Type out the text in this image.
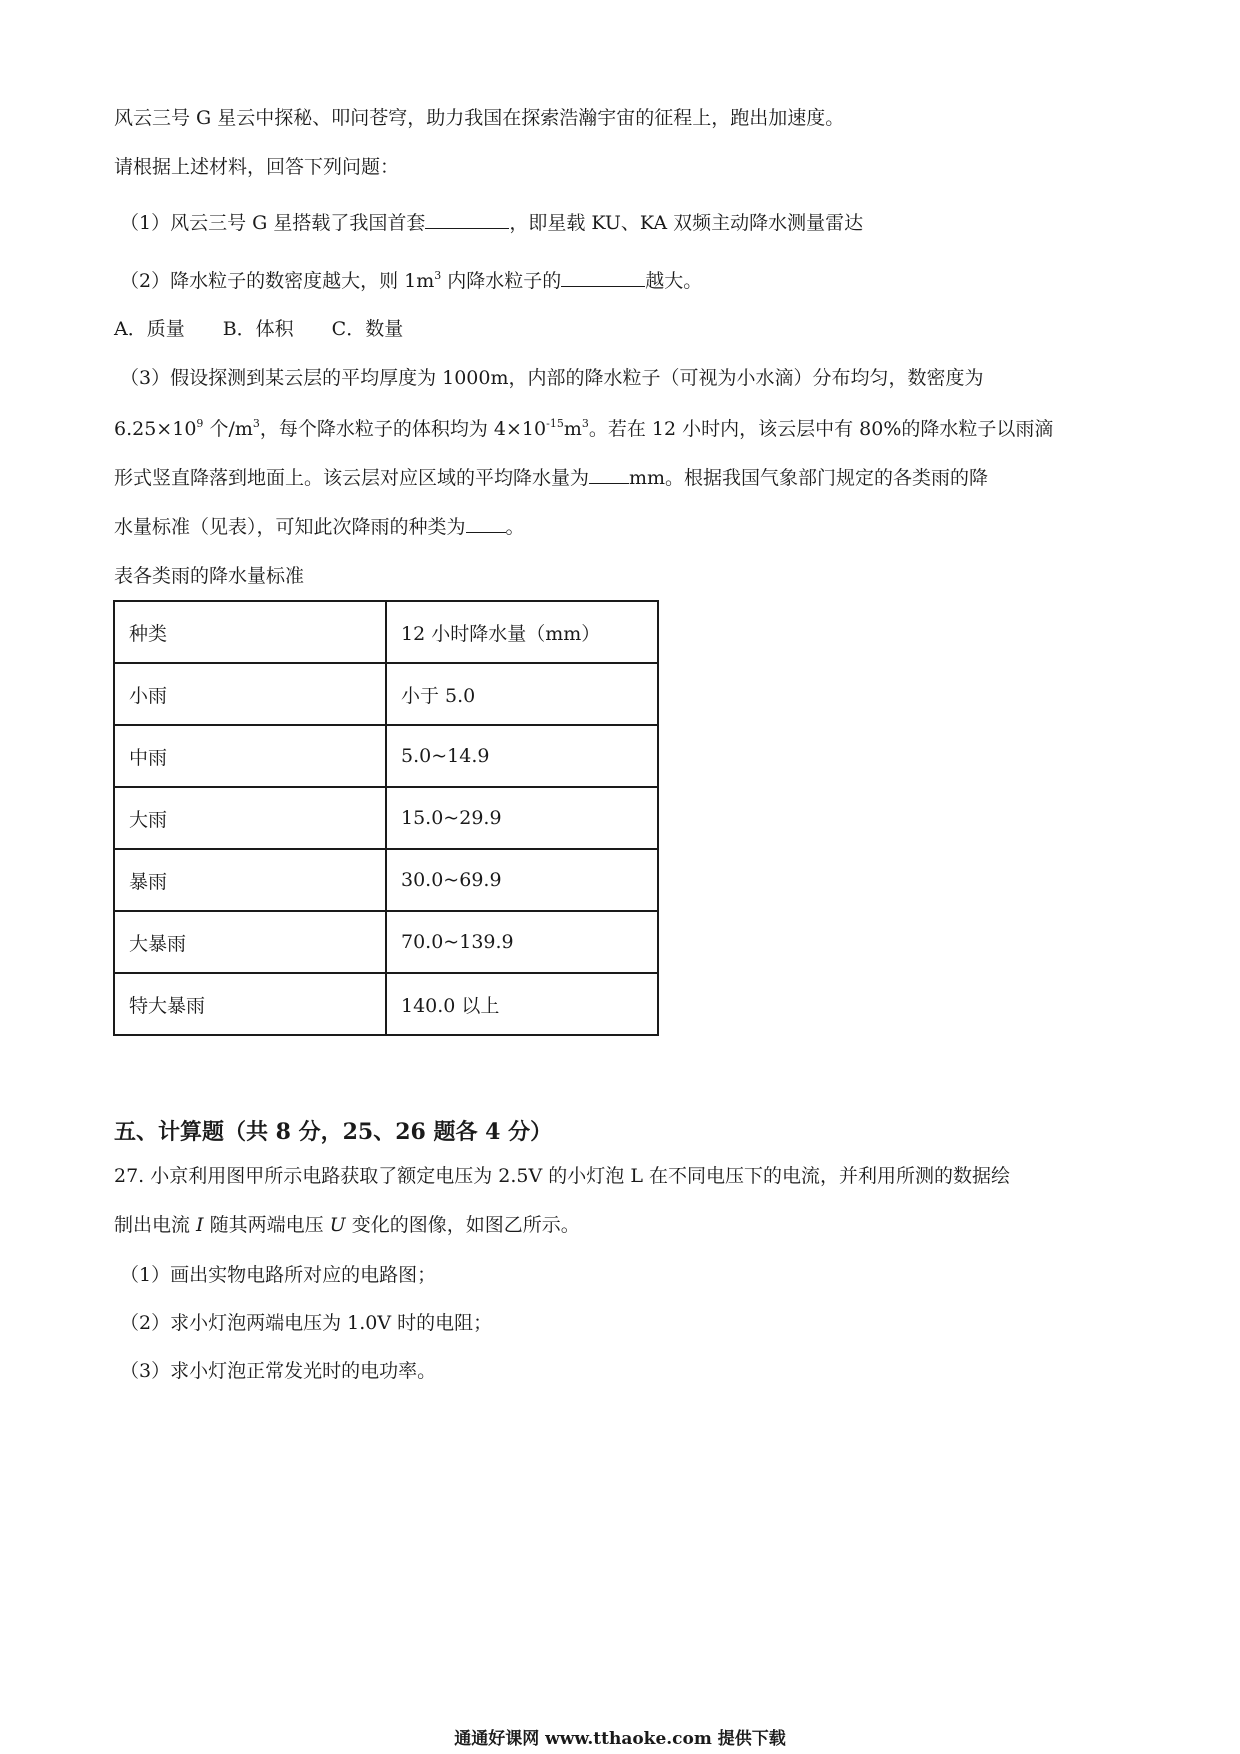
风云三号 G 星云中探秘、叩问苍穹，助力我国在探索浩瀚宇宙的征程上，跑出加速度。
请根据上述材料，回答下列问题：
（1）风云三号 G 星搭载了我国首套	，即星载 KU、KA 双频主动降水测量雷达
（2）降水粒子的数密度越大，则 $1m^3$ 内降水粒子的	越大。
A．质量　　B．体积　　C．数量
（3）假设探测到某云层的平均厚度为 1000m，内部的降水粒子（可视为小水滴）分布均匀，数密度为
$6.25\times 10^9$ 个$/m^3$，每个降水粒子的体积均为 $4\times 10^{-15}m^3$。若在 12 小时内，该云层中有 80%的降水粒子以雨滴
形式竖直降落到地面上。该云层对应区域的平均降水量为 mm。根据我国气象部门规定的各类雨的降
水量标准（见表），可知此次降雨的种类为 。
表各类雨的降水量标准
种类	12 小时降水量（mm）
小雨	小于 5.0
中雨	5.0~14.9
大雨	15.0~29.9
暴雨	30.0~69.9
大暴雨	70.0~139.9
特大暴雨	140.0 以上
五、计算题（共 8 分，25、26 题各 4 分）
27. 小京利用图甲所示电路获取了额定电压为 2.5V 的小灯泡 L 在不同电压下的电流，并利用所测的数据绘
制出电流 I 随其两端电压 U 变化的图像，如图乙所示。
（1）画出实物电路所对应的电路图；
（2）求小灯泡两端电压为 1.0V 时的电阻；
（3）求小灯泡正常发光时的电功率。
通通好课网 www.tthaoke.com 提供下载
